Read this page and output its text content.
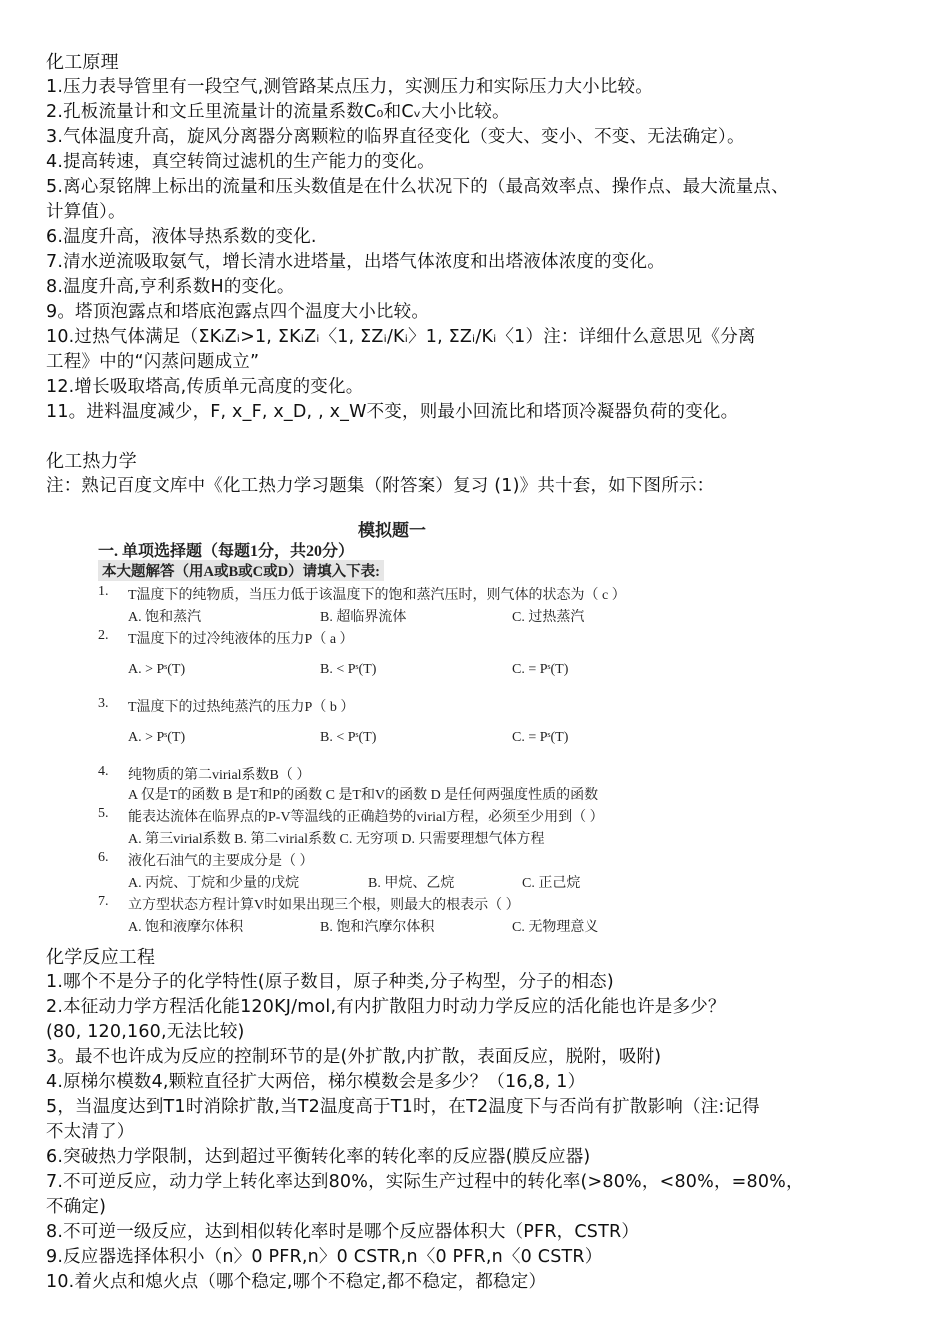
化工原理
1.压力表导管里有一段空气,测管路某点压力，实测压力和实际压力大小比较。
2.孔板流量计和文丘里流量计的流量系数C₀和Cᵥ大小比较。
3.气体温度升高，旋风分离器分离颗粒的临界直径变化（变大、变小、不变、无法确定）。
4.提高转速，真空转筒过滤机的生产能力的变化。
5.离心泵铭牌上标出的流量和压头数值是在什么状况下的（最高效率点、操作点、最大流量点、
计算值）。
6.温度升高，液体导热系数的变化.
7.清水逆流吸取氨气，增长清水进塔量，出塔气体浓度和出塔液体浓度的变化。
8.温度升高,亨利系数H的变化。
9。塔顶泡露点和塔底泡露点四个温度大小比较。
10.过热气体满足（ΣKᵢZᵢ>1, ΣKᵢZᵢ〈1, ΣZᵢ/Kᵢ〉1, ΣZᵢ/Kᵢ〈1）注：详细什么意思见《分离
工程》中的“闪蒸问题成立”
12.增长吸取塔高,传质单元高度的变化。
11。进料温度减少，F, x_F, x_D, , x_W不变，则最小回流比和塔顶冷凝器负荷的变化。
化工热力学
注：熟记百度文库中《化工热力学习题集（附答案）复习 (1)》共十套，如下图所示：
模拟题一
一. 单项选择题（每题1分，共20分）
本大题解答（用A或B或C或D）请填入下表:
1. T温度下的纯物质，当压力低于该温度下的饱和蒸汽压时，则气体的状态为（ c ）
A. 饱和蒸汽	B. 超临界流体	C. 过热蒸汽
2. T温度下的过冷纯液体的压力P（ a ）
A. > Pˢ(T)	B. < Pˢ(T)	C. = Pˢ(T)
3. T温度下的过热纯蒸汽的压力P（ b ）
A. > Pˢ(T)	B. < Pˢ(T)	C. = Pˢ(T)
4. 纯物质的第二virial系数B（ ）
A 仅是T的函数 B 是T和P的函数 C 是T和V的函数 D 是任何两强度性质的函数
5. 能表达流体在临界点的P-V等温线的正确趋势的virial方程，必须至少用到（ ）
A. 第三virial系数 B. 第二virial系数 C. 无穷项 D. 只需要理想气体方程
6. 液化石油气的主要成分是（ ）
A. 丙烷、丁烷和少量的戊烷	B. 甲烷、乙烷	C. 正己烷
7. 立方型状态方程计算V时如果出现三个根，则最大的根表示（ ）
A. 饱和液摩尔体积	B. 饱和汽摩尔体积	C. 无物理意义
化学反应工程
1.哪个不是分子的化学特性(原子数目，原子种类,分子构型，分子的相态)
2.本征动力学方程活化能120KJ/mol,有内扩散阻力时动力学反应的活化能也许是多少？
(80, 120,160,无法比较)
3。最不也许成为反应的控制环节的是(外扩散,内扩散，表面反应，脱附，吸附)
4.原梯尔模数4,颗粒直径扩大两倍，梯尔模数会是多少？（16,8, 1）
5，当温度达到T1时消除扩散,当T2温度高于T1时，在T2温度下与否尚有扩散影响（注:记得
不太清了）
6.突破热力学限制，达到超过平衡转化率的转化率的反应器(膜反应器)
7.不可逆反应，动力学上转化率达到80%，实际生产过程中的转化率(>80%，<80%，=80%，
不确定)
8.不可逆一级反应，达到相似转化率时是哪个反应器体积大（PFR，CSTR）
9.反应器选择体积小（n〉0 PFR,n〉0 CSTR,n〈0 PFR,n〈0 CSTR）
10.着火点和熄火点（哪个稳定,哪个不稳定,都不稳定，都稳定）
